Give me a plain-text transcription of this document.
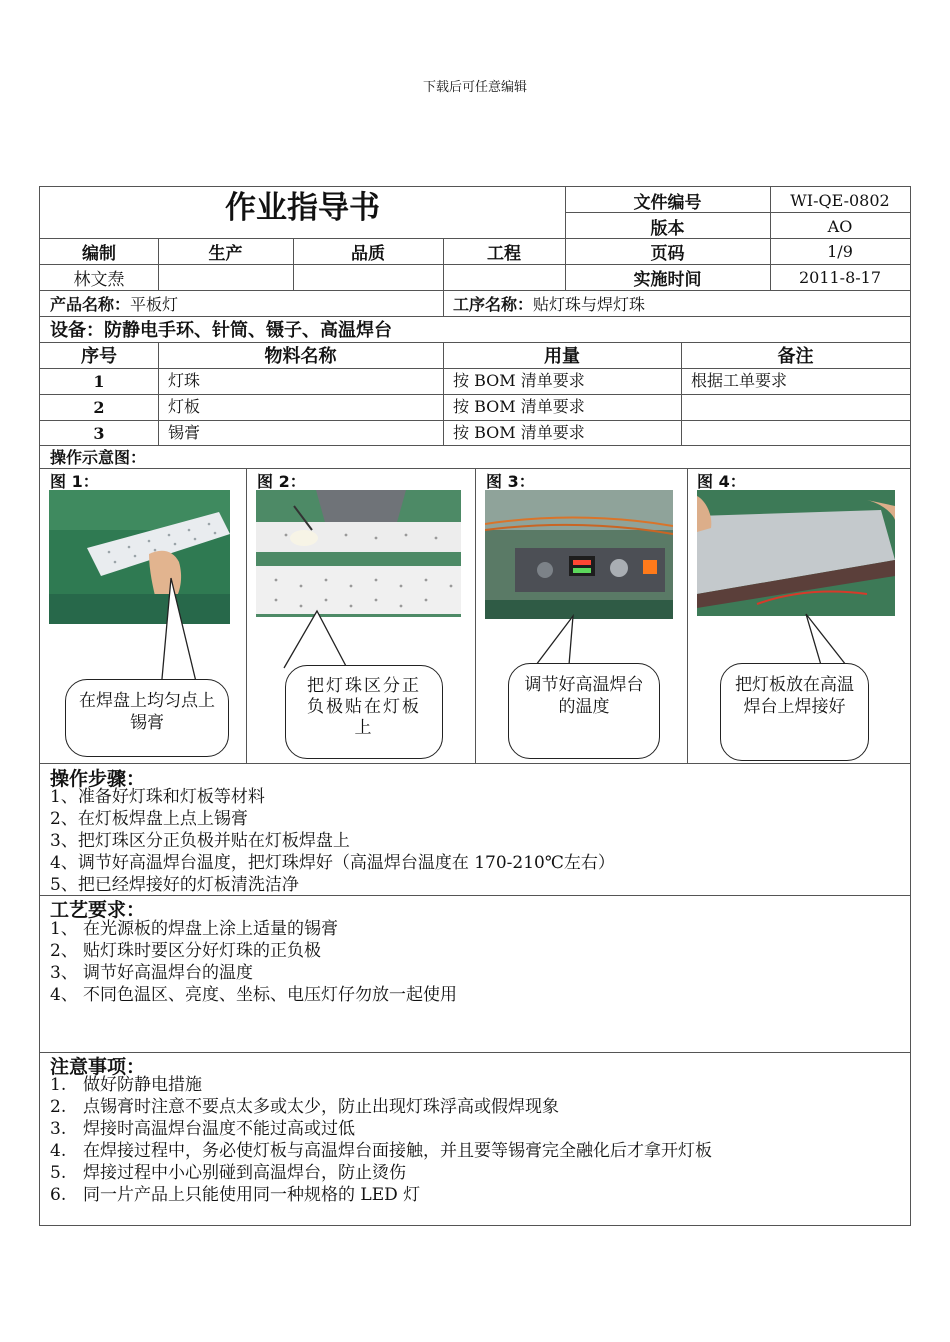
下载后可任意编辑
作业指导书	文件编号	WI-QE-0802
版本	AO
编制	生产	品质	工程	页码	1/9
林文焘	实施时间	2011-8-17
产品名称： 平板灯	工序名称： 贴灯珠与焊灯珠
设备：防静电手环、针筒、镊子、高温焊台
序号	物料名称	用量	备注
1	灯珠	按 BOM 清单要求	根据工单要求
2	灯板	按 BOM 清单要求
3	锡膏	按 BOM 清单要求
操作示意图：
图 1：	图 2：	图 3：	图 4：
在焊盘上均匀点上锡膏
把灯珠区分正负极贴在灯板上
调节好高温焊台的温度
把灯板放在高温焊台上焊接好
操作步骤：
1、准备好灯珠和灯板等材料
2、在灯板焊盘上点上锡膏
3、把灯珠区分正负极并贴在灯板焊盘上
4、调节好高温焊台温度，把灯珠焊好（高温焊台温度在 170-210℃左右）
5、把已经焊接好的灯板清洗洁净
工艺要求：
1、 在光源板的焊盘上涂上适量的锡膏
2、 贴灯珠时要区分好灯珠的正负极
3、 调节好高温焊台的温度
4、 不同色温区、亮度、坐标、电压灯仔勿放一起使用
注意事项：
1. 做好防静电措施
2. 点锡膏时注意不要点太多或太少，防止出现灯珠浮高或假焊现象
3. 焊接时高温焊台温度不能过高或过低
4. 在焊接过程中，务必使灯板与高温焊台面接触，并且要等锡膏完全融化后才拿开灯板
5. 焊接过程中小心别碰到高温焊台，防止烫伤
6. 同一片产品上只能使用同一种规格的 LED 灯
